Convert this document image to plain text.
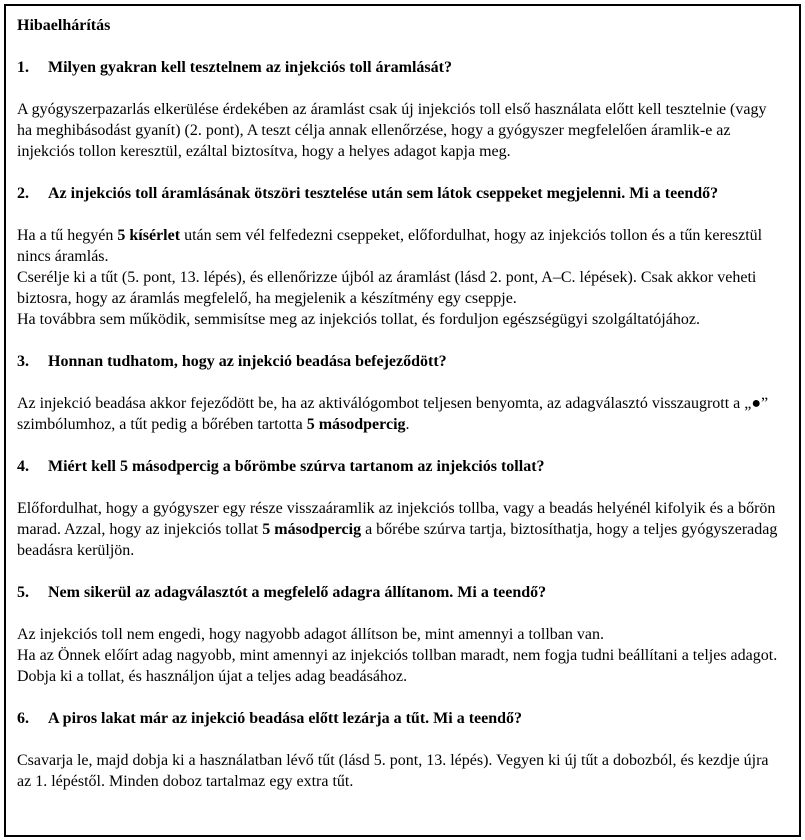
Hibaelhárítás
1.	Milyen gyakran kell tesztelnem az injekciós toll áramlását?

A gyógyszerpazarlás elkerülése érdekében az áramlást csak új injekciós toll első használata előtt kell tesztelnie (vagy ha meghibásodást gyanít) (2. pont), A teszt célja annak ellenőrzése, hogy a gyógyszer megfelelően áramlik-e az injekciós tollon keresztül, ezáltal biztosítva, hogy a helyes adagot kapja meg.

2.	Az injekciós toll áramlásának ötszöri tesztelése után sem látok cseppeket megjelenni. Mi a teendő?

Ha a tű hegyén 5 kísérlet után sem vél felfedezni cseppeket, előfordulhat, hogy az injekciós tollon és a tűn keresztül nincs áramlás.

Cserélje ki a tűt (5. pont, 13. lépés), és ellenőrizze újból az áramlást (lásd 2. pont, A–C. lépések). Csak akkor veheti biztosra, hogy az áramlás megfelelő, ha megjelenik a készítmény egy cseppje.

Ha továbbra sem működik, semmisítse meg az injekciós tollat, és forduljon egészségügyi szolgáltatójához.

3.	Honnan tudhatom, hogy az injekció beadása befejeződött?

Az injekció beadása akkor fejeződött be, ha az aktiválógombot teljesen benyomta, az adagválasztó visszaugrott a „●” szimbólumhoz, a tűt pedig a bőrében tartotta 5 másodpercig.

4.	Miért kell 5 másodpercig a bőrömbe szúrva tartanom az injekciós tollat?

Előfordulhat, hogy a gyógyszer egy része visszaáramlik az injekciós tollba, vagy a beadás helyénél kifolyik és a bőrön marad. Azzal, hogy az injekciós tollat 5 másodpercig a bőrébe szúrva tartja, biztosíthatja, hogy a teljes gyógyszeradag beadásra kerüljön.

5.	Nem sikerül az adagválasztót a megfelelő adagra állítanom. Mi a teendő?

Az injekciós toll nem engedi, hogy nagyobb adagot állítson be, mint amennyi a tollban van.

Ha az Önnek előírt adag nagyobb, mint amennyi az injekciós tollban maradt, nem fogja tudni beállítani a teljes adagot. Dobja ki a tollat, és használjon újat a teljes adag beadásához.

6.	A piros lakat már az injekció beadása előtt lezárja a tűt. Mi a teendő?

Csavarja le, majd dobja ki a használatban lévő tűt (lásd 5. pont, 13. lépés). Vegyen ki új tűt a dobozból, és kezdje újra az 1. lépéstől. Minden doboz tartalmaz egy extra tűt.
